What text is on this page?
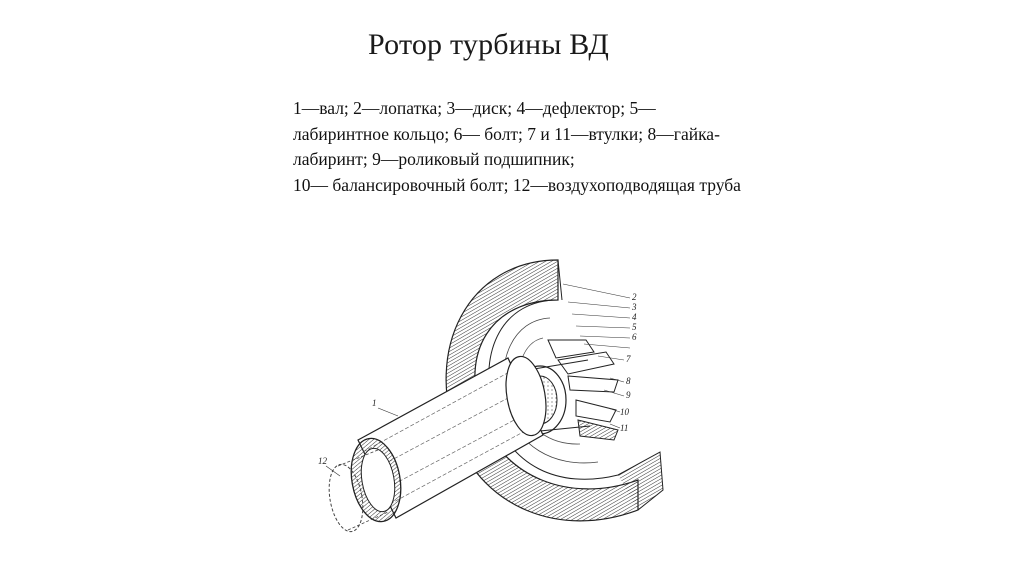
Ротор турбины ВД
1—вал; 2—лопатка; 3—диск; 4—дефлектор; 5—
лабиринтное кольцо; 6— болт; 7 и 11—втулки; 8—гайка-
лабиринт; 9—роликовый подшипник;
10— балансировочный болт; 12—воздухоподводящая труба
2
3
4
5
6
7
8
9
10
11
1
12
